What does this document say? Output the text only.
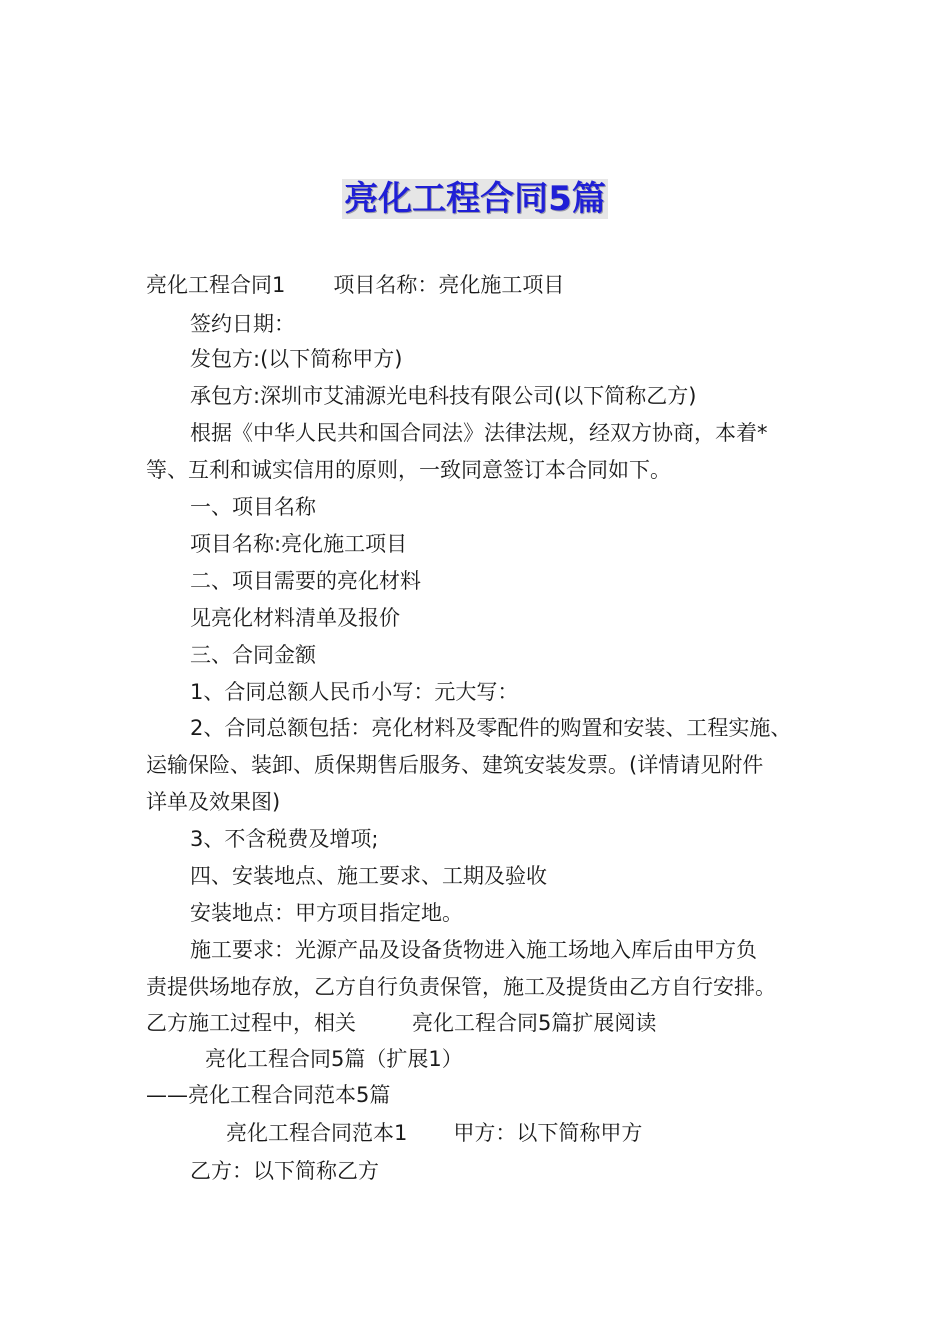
亮化工程合同5篇
亮化工程合同1 项目名称：亮化施工项目
签约日期：
发包方:(以下简称甲方)
承包方:深圳市艾浦源光电科技有限公司(以下简称乙方)
根据《中华人民共和国合同法》法律法规，经双方协商，本着*
等、互利和诚实信用的原则，一致同意签订本合同如下。
一、项目名称
项目名称:亮化施工项目
二、项目需要的亮化材料
见亮化材料清单及报价
三、合同金额
1、合同总额人民币小写：元大写：
2、合同总额包括：亮化材料及零配件的购置和安装、工程实施、
运输保险、装卸、质保期售后服务、建筑安装发票。(详情请见附件
详单及效果图)
3、不含税费及增项;
四、安装地点、施工要求、工期及验收
安装地点：甲方项目指定地。
施工要求：光源产品及设备货物进入施工场地入库后由甲方负
责提供场地存放，乙方自行负责保管，施工及提货由乙方自行安排。
乙方施工过程中，相关	亮化工程合同5篇扩展阅读
亮化工程合同5篇（扩展1）
——亮化工程合同范本5篇
亮化工程合同范本1 甲方：以下简称甲方
乙方：以下简称乙方
